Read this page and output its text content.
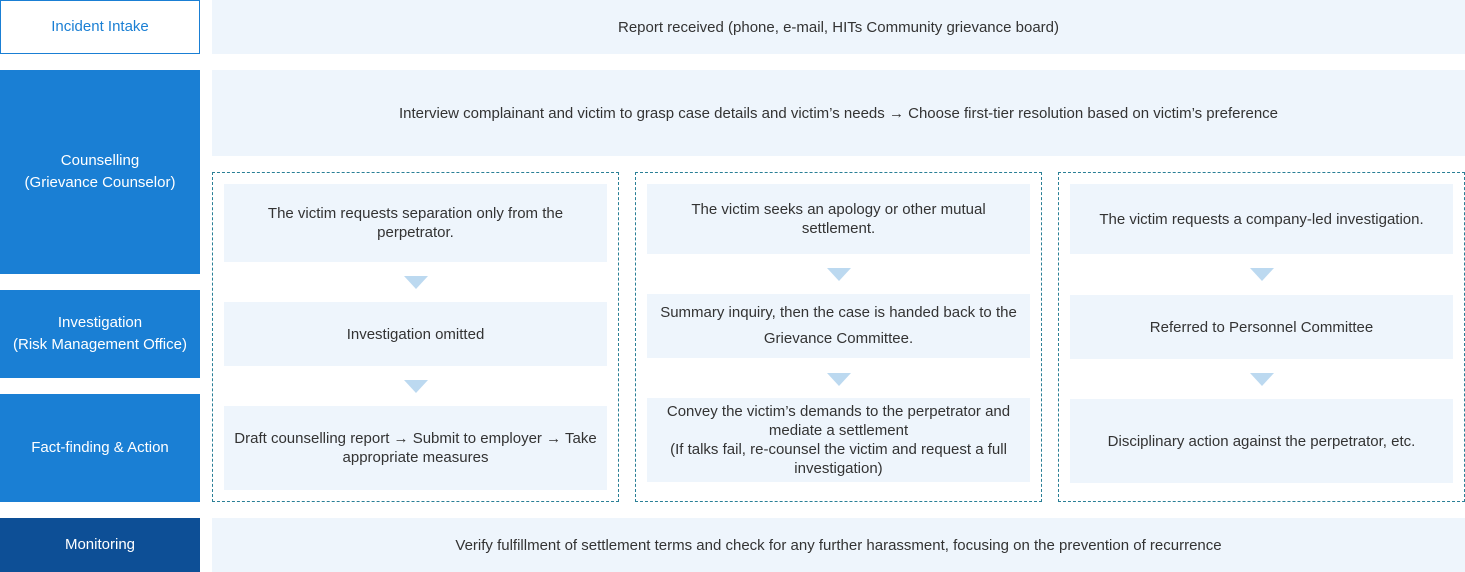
Incident Intake
Counselling
(Grievance Counselor)
Investigation
(Risk Management Office)
Fact-finding & Action
Monitoring
Report received (phone, e-mail, HITs Community grievance board)
Interview complainant and victim to grasp case details and victim’s needs → Choose first-tier resolution based on victim’s preference
Verify fulfillment of settlement terms and check for any further harassment, focusing on the prevention of recurrence
The victim requests separation only from the perpetrator.
Investigation omitted
Draft counselling report → Submit to employer → Take appropriate measures
The victim seeks an apology or other mutual settlement.
Summary inquiry, then the case is handed back to the Grievance Committee.
Convey the victim’s demands to the perpetrator and mediate a settlement
(If talks fail, re-counsel the victim and request a full investigation)
The victim requests a company-led investigation.
Referred to Personnel Committee
Disciplinary action against the perpetrator, etc.
